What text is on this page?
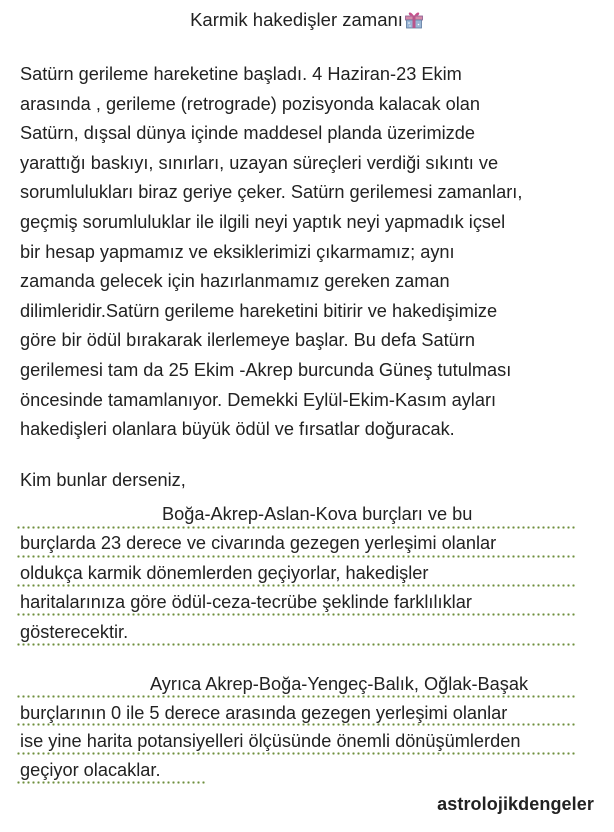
Karmik hakedişler zamanı
Satürn gerileme hareketine başladı. 4 Haziran-23 Ekim
arasında , gerileme (retrograde) pozisyonda kalacak olan
Satürn, dışsal dünya içinde maddesel planda üzerimizde
yarattığı baskıyı, sınırları, uzayan süreçleri verdiği sıkıntı ve
sorumlulukları biraz geriye çeker. Satürn gerilemesi zamanları,
geçmiş sorumluluklar ile ilgili neyi yaptık neyi yapmadık içsel
bir hesap yapmamız ve eksiklerimizi çıkarmamız; aynı
zamanda gelecek için hazırlanmamız gereken zaman
dilimleridir.Satürn gerileme hareketini bitirir ve hakedişimize
göre bir ödül bırakarak ilerlemeye başlar. Bu defa Satürn
gerilemesi tam da 25 Ekim -Akrep burcunda Güneş tutulması
öncesinde tamamlanıyor. Demekki Eylül-Ekim-Kasım ayları
hakedişleri olanlara büyük ödül ve fırsatlar doğuracak.
Kim bunlar derseniz,
Boğa-Akrep-Aslan-Kova burçları ve bu
burçlarda 23 derece ve civarında gezegen yerleşimi olanlar
oldukça karmik dönemlerden geçiyorlar, hakedişler
haritalarınıza göre ödül-ceza-tecrübe şeklinde farklılıklar
gösterecektir.
Ayrıca Akrep-Boğa-Yengeç-Balık, Oğlak-Başak
burçlarının 0 ile 5 derece arasında gezegen yerleşimi olanlar
ise yine harita potansiyelleri ölçüsünde önemli dönüşümlerden
geçiyor olacaklar.
astrolojikdengeler
